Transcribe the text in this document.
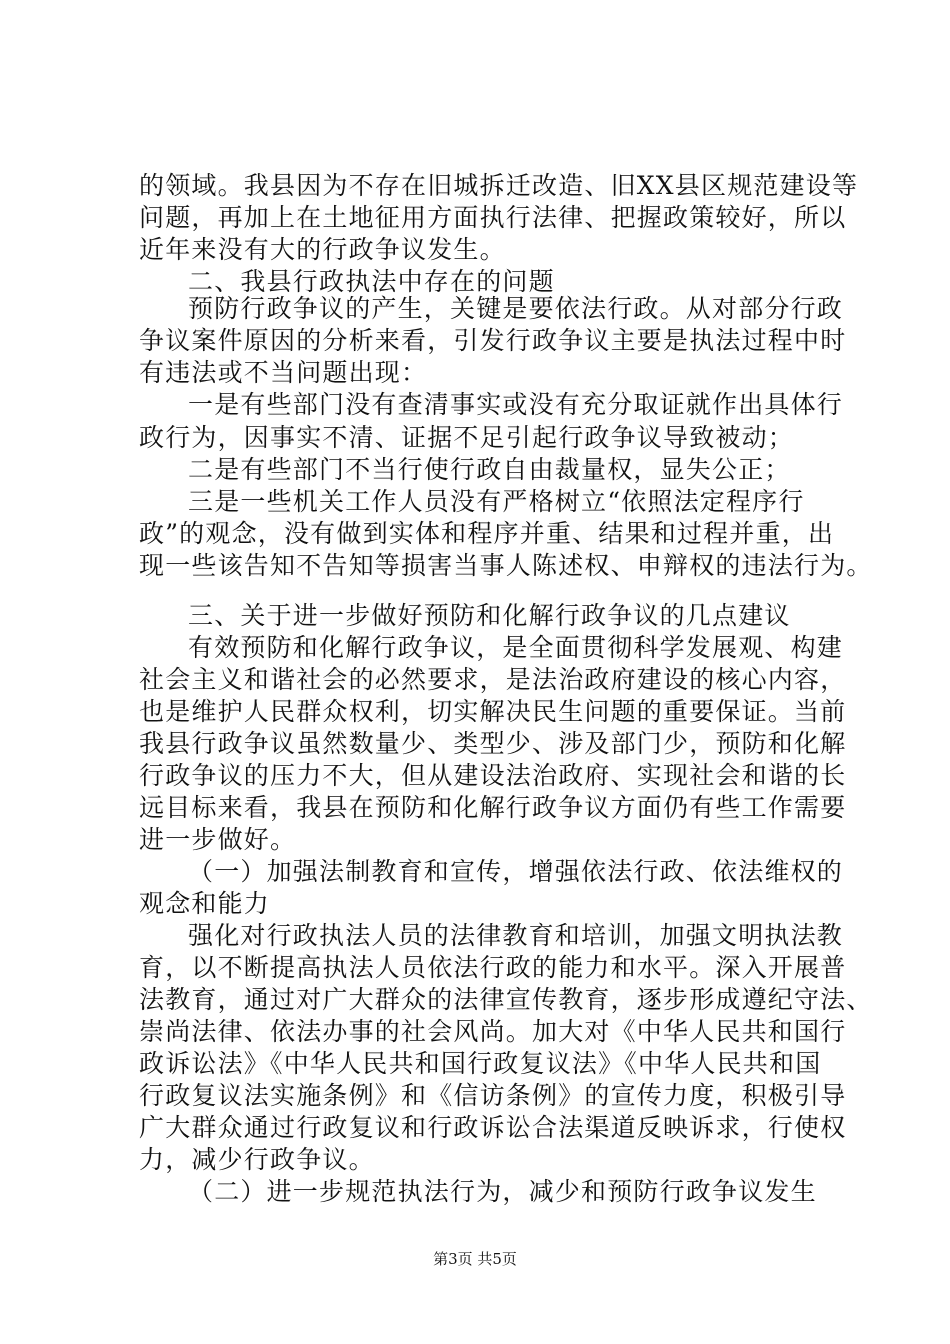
的领域。我县因为不存在旧城拆迁改造、旧XX县区规范建设等
问题，再加上在土地征用方面执行法律、把握政策较好，所以
近年来没有大的行政争议发生。
二、我县行政执法中存在的问题
预防行政争议的产生，关键是要依法行政。从对部分行政
争议案件原因的分析来看，引发行政争议主要是执法过程中时
有违法或不当问题出现：
一是有些部门没有查清事实或没有充分取证就作出具体行
政行为，因事实不清、证据不足引起行政争议导致被动；
二是有些部门不当行使行政自由裁量权，显失公正；
三是一些机关工作人员没有严格树立“依照法定程序行
政”的观念，没有做到实体和程序并重、结果和过程并重，出
现一些该告知不告知等损害当事人陈述权、申辩权的违法行为。
三、关于进一步做好预防和化解行政争议的几点建议
有效预防和化解行政争议，是全面贯彻科学发展观、构建
社会主义和谐社会的必然要求，是法治政府建设的核心内容，
也是维护人民群众权利，切实解决民生问题的重要保证。当前
我县行政争议虽然数量少、类型少、涉及部门少，预防和化解
行政争议的压力不大，但从建设法治政府、实现社会和谐的长
远目标来看，我县在预防和化解行政争议方面仍有些工作需要
进一步做好。
（一）加强法制教育和宣传，增强依法行政、依法维权的
观念和能力
强化对行政执法人员的法律教育和培训，加强文明执法教
育，以不断提高执法人员依法行政的能力和水平。深入开展普
法教育，通过对广大群众的法律宣传教育，逐步形成遵纪守法、
崇尚法律、依法办事的社会风尚。加大对《中华人民共和国行
政诉讼法》《中华人民共和国行政复议法》《中华人民共和国
行政复议法实施条例》和《信访条例》的宣传力度，积极引导
广大群众通过行政复议和行政诉讼合法渠道反映诉求，行使权
力，减少行政争议。
（二）进一步规范执法行为，减少和预防行政争议发生
第3页 共5页
